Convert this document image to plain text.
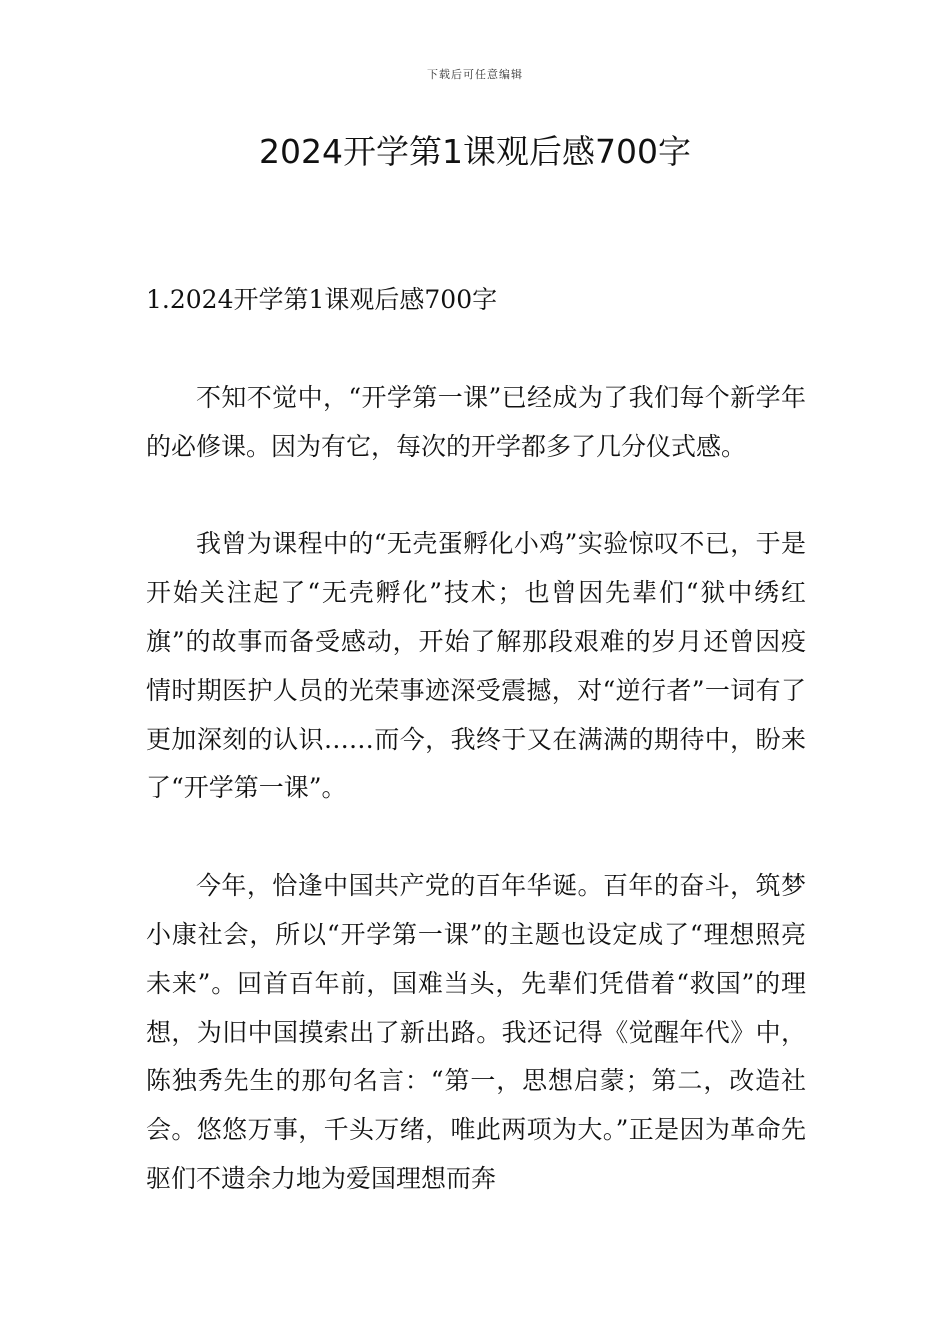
下载后可任意编辑
2024开学第1课观后感700字

1.2024开学第1课观后感700字

不知不觉中，“开学第一课”已经成为了我们每个新学年的必修课。因为有它，每次的开学都多了几分仪式感。

我曾为课程中的“无壳蛋孵化小鸡”实验惊叹不已，于是开始关注起了“无壳孵化”技术；也曾因先辈们“狱中绣红旗”的故事而备受感动，开始了解那段艰难的岁月还曾因疫情时期医护人员的光荣事迹深受震撼，对“逆行者”一词有了更加深刻的认识……而今，我终于又在满满的期待中，盼来了“开学第一课”。

今年，恰逢中国共产党的百年华诞。百年的奋斗，筑梦小康社会，所以“开学第一课”的主题也设定成了“理想照亮未来”。回首百年前，国难当头，先辈们凭借着“救国”的理想，为旧中国摸索出了新出路。我还记得《觉醒年代》中，陈独秀先生的那句名言：“第一，思想启蒙；第二，改造社会。悠悠万事，千头万绪，唯此两项为大。”正是因为革命先驱们不遗余力地为爱国理想而奔
